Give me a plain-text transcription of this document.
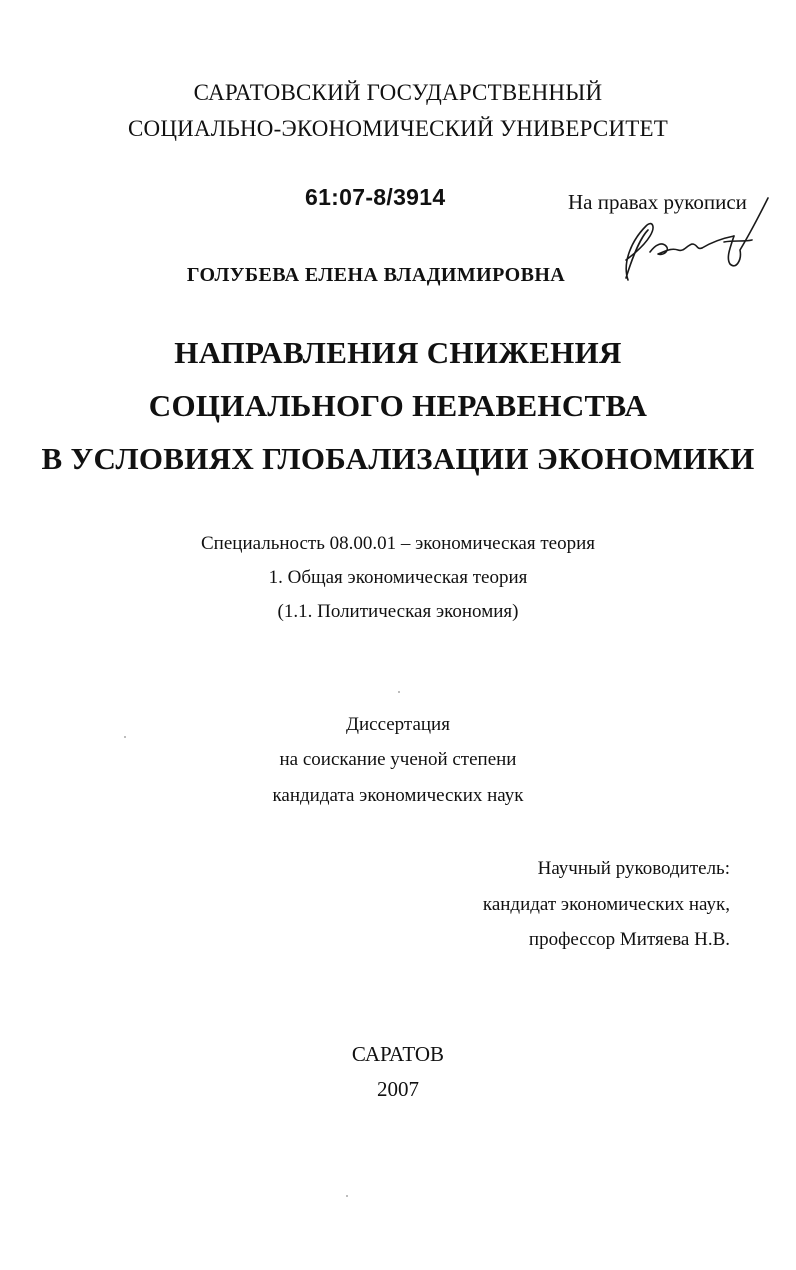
САРАТОВСКИЙ ГОСУДАРСТВЕННЫЙ

СОЦИАЛЬНО-ЭКОНОМИЧЕСКИЙ УНИВЕРСИТЕТ

61:07-8/3914	На правах рукописи

ГОЛУБЕВА ЕЛЕНА ВЛАДИМИРОВНА

НАПРАВЛЕНИЯ СНИЖЕНИЯ

СОЦИАЛЬНОГО НЕРАВЕНСТВА

В УСЛОВИЯХ ГЛОБАЛИЗАЦИИ ЭКОНОМИКИ

Специальность 08.00.01 – экономическая теория

1. Общая экономическая теория

(1.1. Политическая экономия)

Диссертация

на соискание ученой степени

кандидата экономических наук

Научный руководитель:

кандидат экономических наук,

профессор Митяева Н.В.

САРАТОВ

2007
